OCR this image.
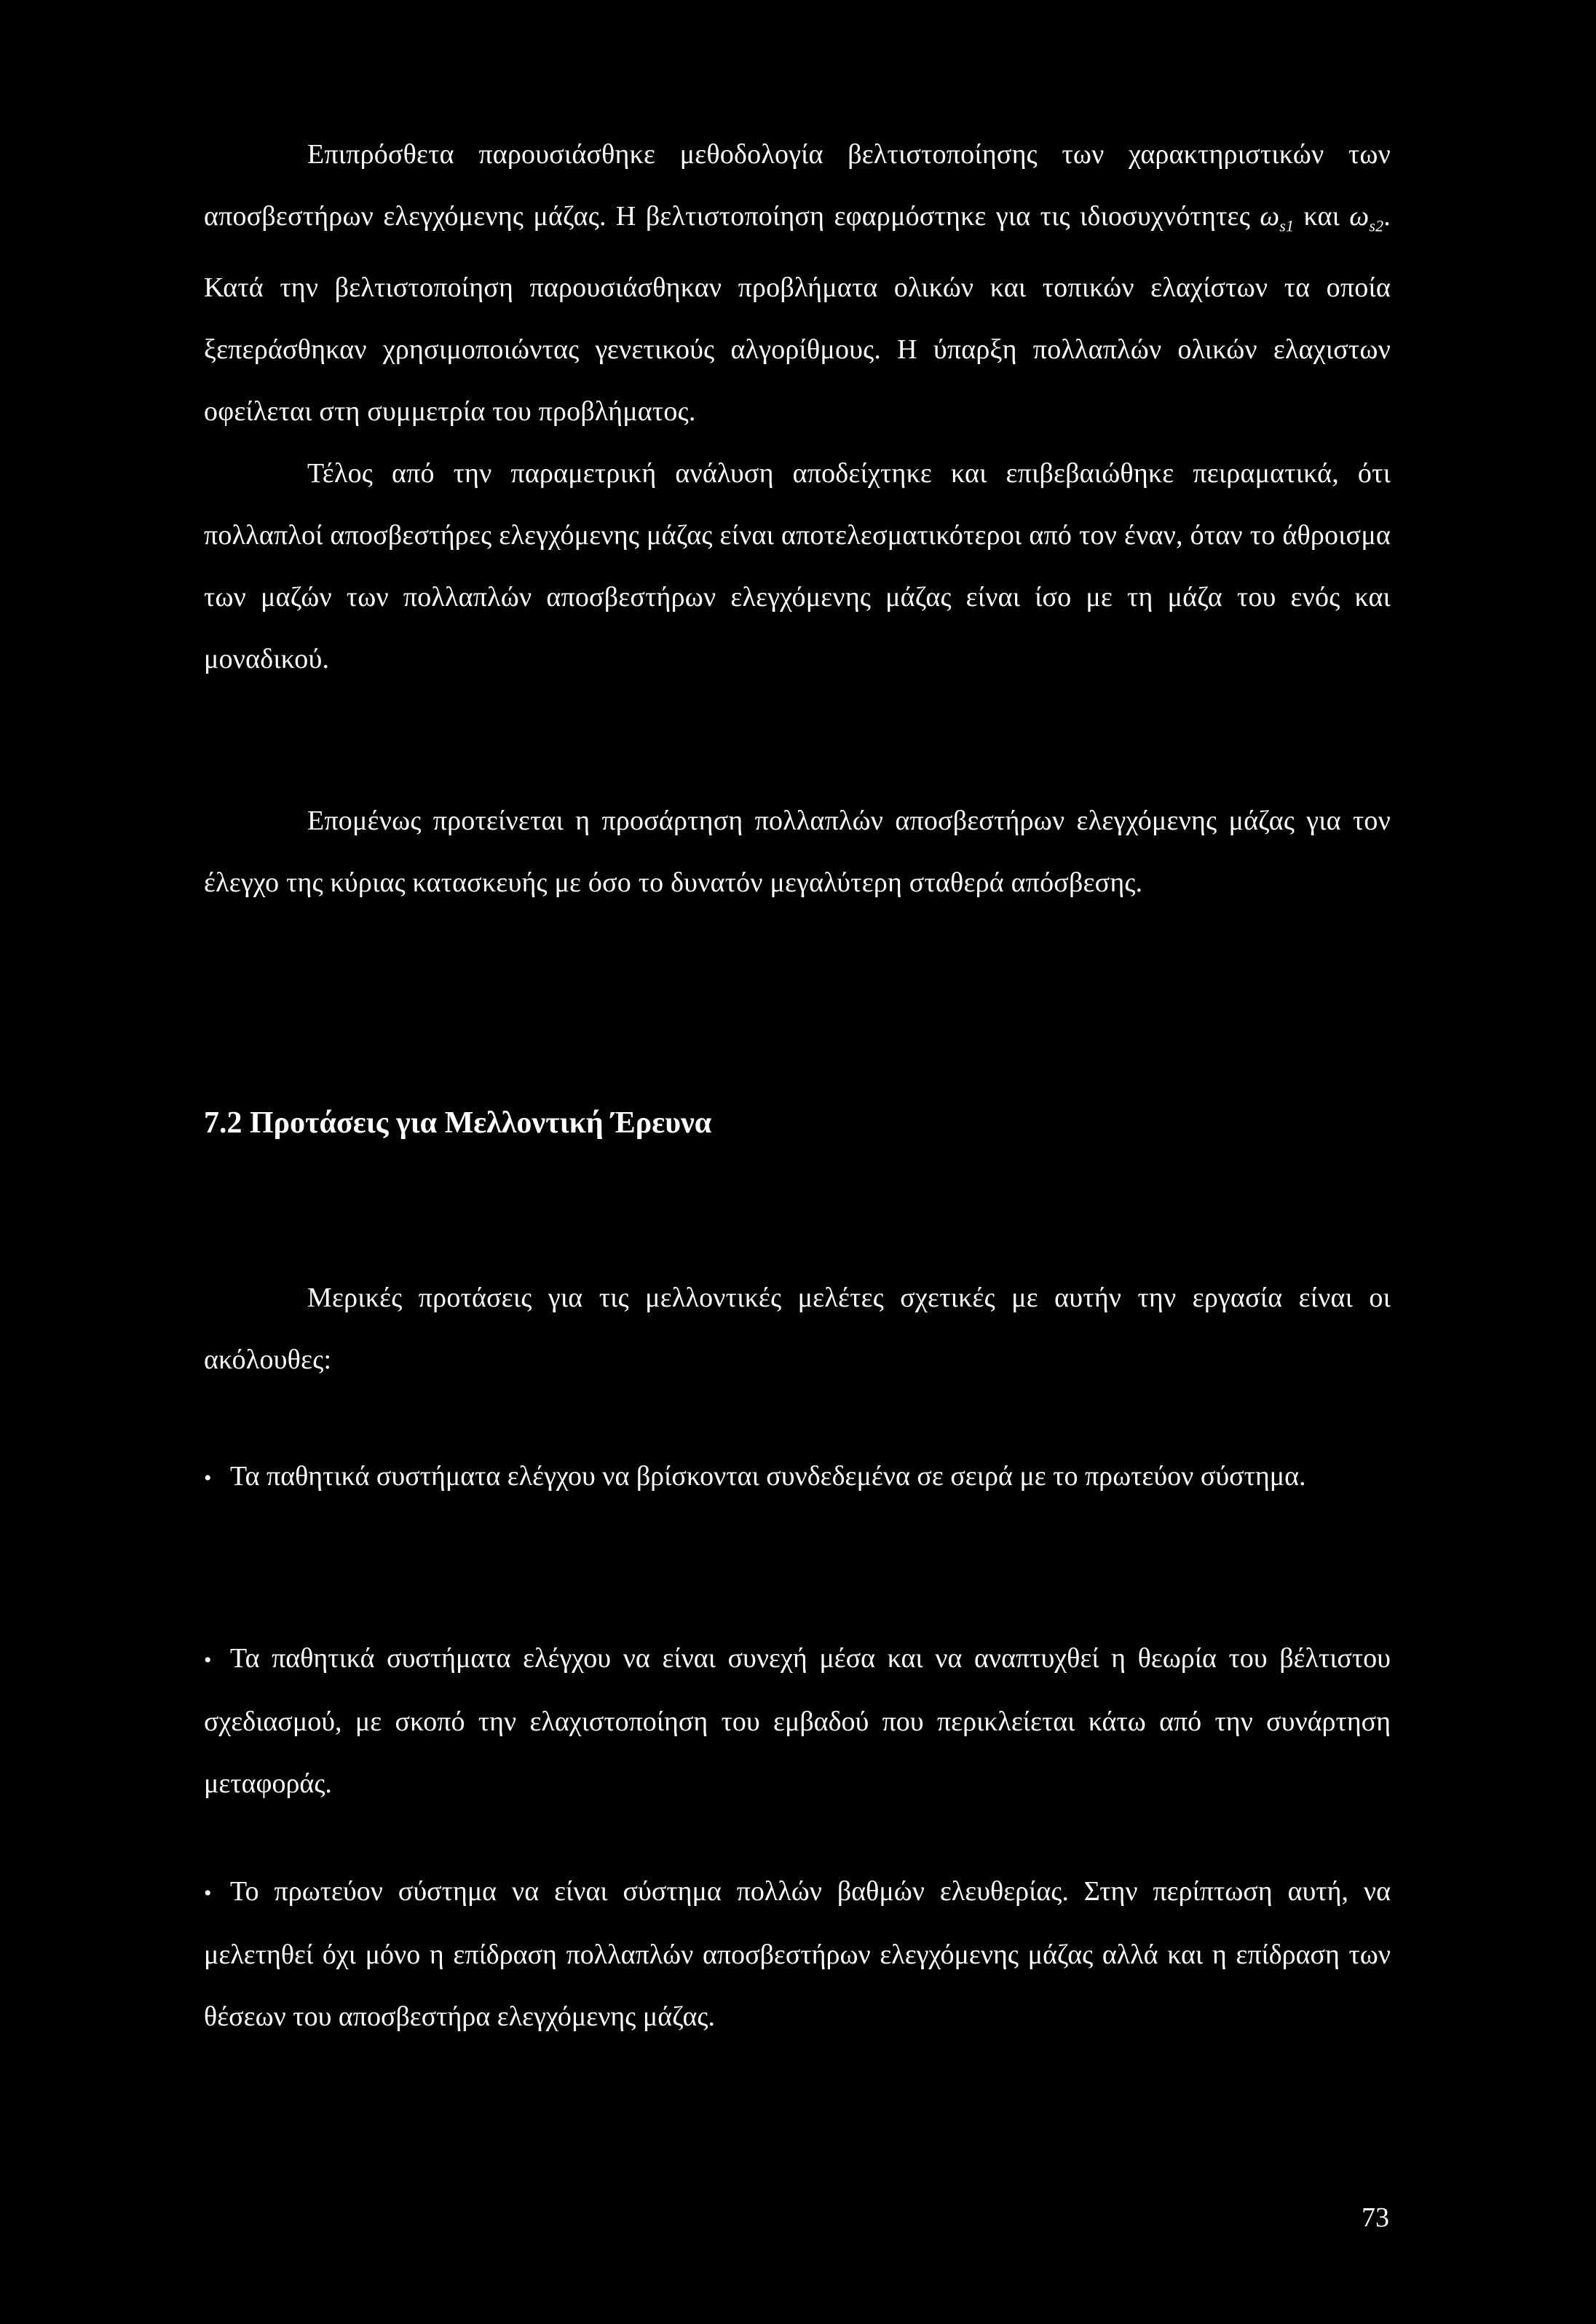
Επιπρόσθετα παρουσιάσθηκε μεθοδολογία βελτιστοποίησης των χαρακτηριστικών των αποσβεστήρων ελεγχόμενης μάζας. Η βελτιστοποίηση εφαρμόστηκε για τις ιδιοσυχνότητες $\omega_{s1}$ και $\omega_{s2}$. Κατά την βελτιστοποίηση παρουσιάσθηκαν προβλήματα ολικών και τοπικών ελαχίστων τα οποία ξεπεράσθηκαν χρησιμοποιώντας γενετικούς αλγορίθμους. Η ύπαρξη πολλαπλών ολικών ελαχιστων οφείλεται στη συμμετρία του προβλήματος.

Τέλος από την παραμετρική ανάλυση αποδείχτηκε και επιβεβαιώθηκε πειραματικά, ότι πολλαπλοί αποσβεστήρες ελεγχόμενης μάζας είναι αποτελεσματικότεροι από τον έναν, όταν το άθροισμα των μαζών των πολλαπλών αποσβεστήρων ελεγχόμενης μάζας είναι ίσο με τη μάζα του ενός και μοναδικού.

Επομένως προτείνεται η προσάρτηση πολλαπλών αποσβεστήρων ελεγχόμενης μάζας για τον έλεγχο της κύριας κατασκευής με όσο το δυνατόν μεγαλύτερη σταθερά απόσβεσης.

7.2 Προτάσεις για Μελλοντική Έρευνα

Μερικές προτάσεις για τις μελλοντικές μελέτες σχετικές με αυτήν την εργασία είναι οι ακόλουθες:

• Τα παθητικά συστήματα ελέγχου να βρίσκονται συνδεδεμένα σε σειρά με το πρωτεύον σύστημα.

• Τα παθητικά συστήματα ελέγχου να είναι συνεχή μέσα και να αναπτυχθεί η θεωρία του βέλτιστου σχεδιασμού, με σκοπό την ελαχιστοποίηση του εμβαδού που περικλείεται κάτω από την συνάρτηση μεταφοράς.

• Το πρωτεύον σύστημα να είναι σύστημα πολλών βαθμών ελευθερίας. Στην περίπτωση αυτή, να μελετηθεί όχι μόνο η επίδραση πολλαπλών αποσβεστήρων ελεγχόμενης μάζας αλλά και η επίδραση των θέσεων του αποσβεστήρα ελεγχόμενης μάζας.

73
